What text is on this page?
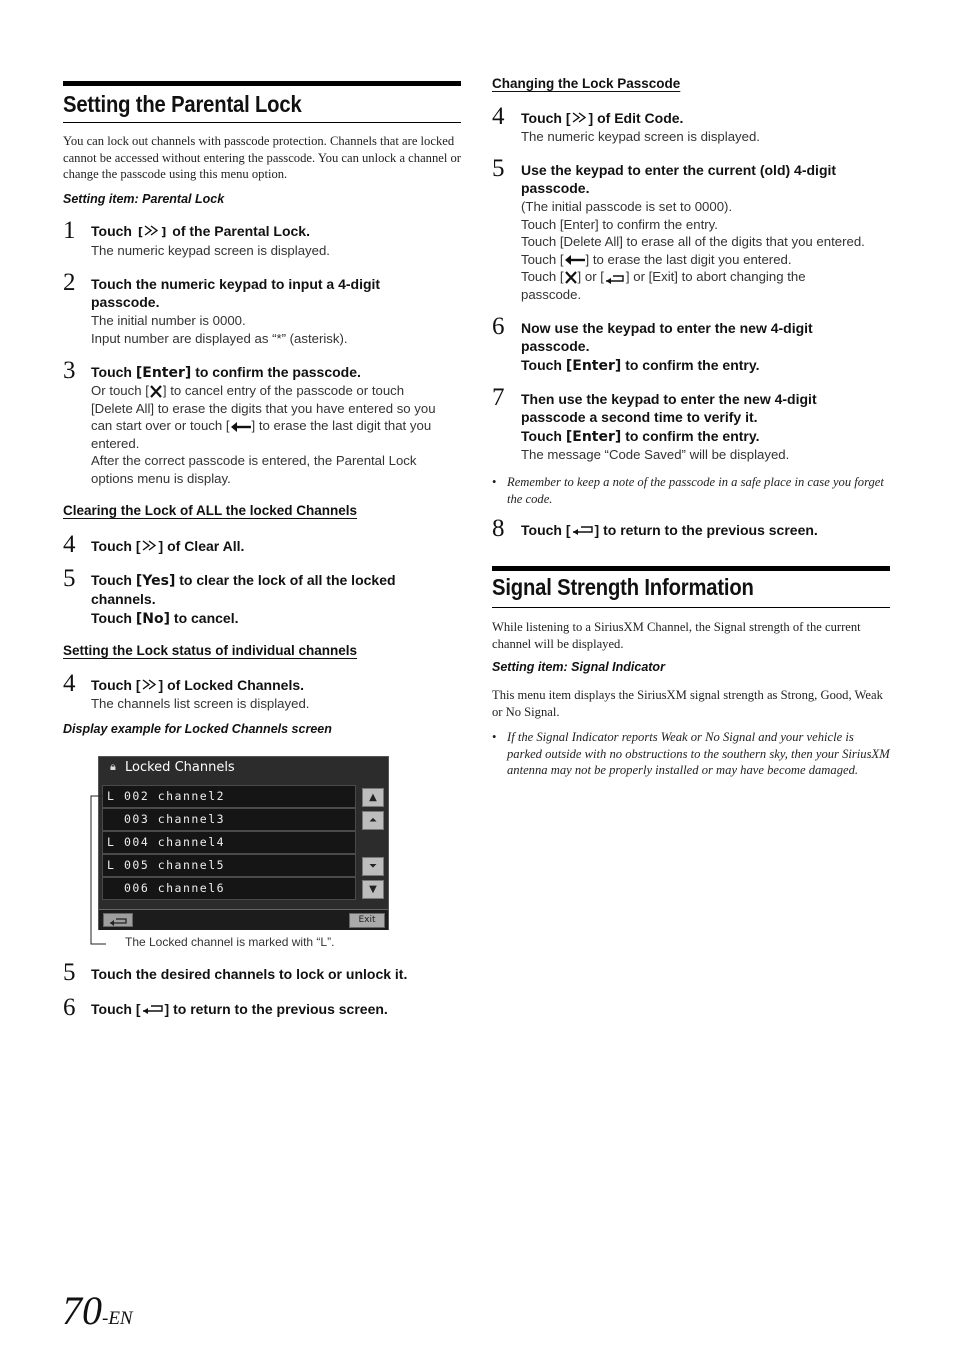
Setting the Parental Lock
You can lock out channels with passcode protection. Channels that are locked cannot be accessed without entering the passcode. You can unlock a channel or change the passcode using this menu option.
Setting item: Parental Lock
1 Touch [ ] of the Parental Lock.
The numeric keypad screen is displayed.
2 Touch the numeric keypad to input a 4-digit
passcode.
The initial number is 0000.
Input number are displayed as “*” (asterisk).
3 Touch [Enter] to confirm the passcode.
Or touch [ ] to cancel entry of the passcode or touch
[Delete All] to erase the digits that you have entered so you
can start over or touch [ ] to erase the last digit that you
entered.
After the correct passcode is entered, the Parental Lock
options menu is display.
Clearing the Lock of ALL the locked Channels
4 Touch [ ] of Clear All.
5 Touch [Yes] to clear the lock of all the locked
channels.
Touch [No] to cancel.
Setting the Lock status of individual channels
4 Touch [ ] of Locked Channels.
The channels list screen is displayed.
Display example for Locked Channels screen
🔒︎ Locked Channels
L 002 channel2
003 channel3
L 004 channel4
L 005 channel5
006 channel6
▲
⏶
⏷
▼
Exit
The Locked channel is marked with “L”.
5 Touch the desired channels to lock or unlock it.
6 Touch [ ] to return to the previous screen.
Changing the Lock Passcode
4 Touch [ ] of Edit Code.
The numeric keypad screen is displayed.
5 Use the keypad to enter the current (old) 4-digit
passcode.
(The initial passcode is set to 0000).
Touch [Enter] to confirm the entry.
Touch [Delete All] to erase all of the digits that you entered.
Touch [ ] to erase the last digit you entered.
Touch [ ] or [ ] or [Exit] to abort changing the
passcode.
6 Now use the keypad to enter the new 4-digit
passcode.
Touch [Enter] to confirm the entry.
7 Then use the keypad to enter the new 4-digit
passcode a second time to verify it.
Touch [Enter] to confirm the entry.
The message “Code Saved” will be displayed.
• Remember to keep a note of the passcode in a safe place in case you forget the code.
8 Touch [ ] to return to the previous screen.
Signal Strength Information
While listening to a SiriusXM Channel, the Signal strength of the current channel will be displayed.
Setting item: Signal Indicator
This menu item displays the SiriusXM signal strength as Strong, Good, Weak or No Signal.
• If the Signal Indicator reports Weak or No Signal and your vehicle is parked outside with no obstructions to the southern sky, then your SiriusXM antenna may not be properly installed or may have become damaged.
70-EN
